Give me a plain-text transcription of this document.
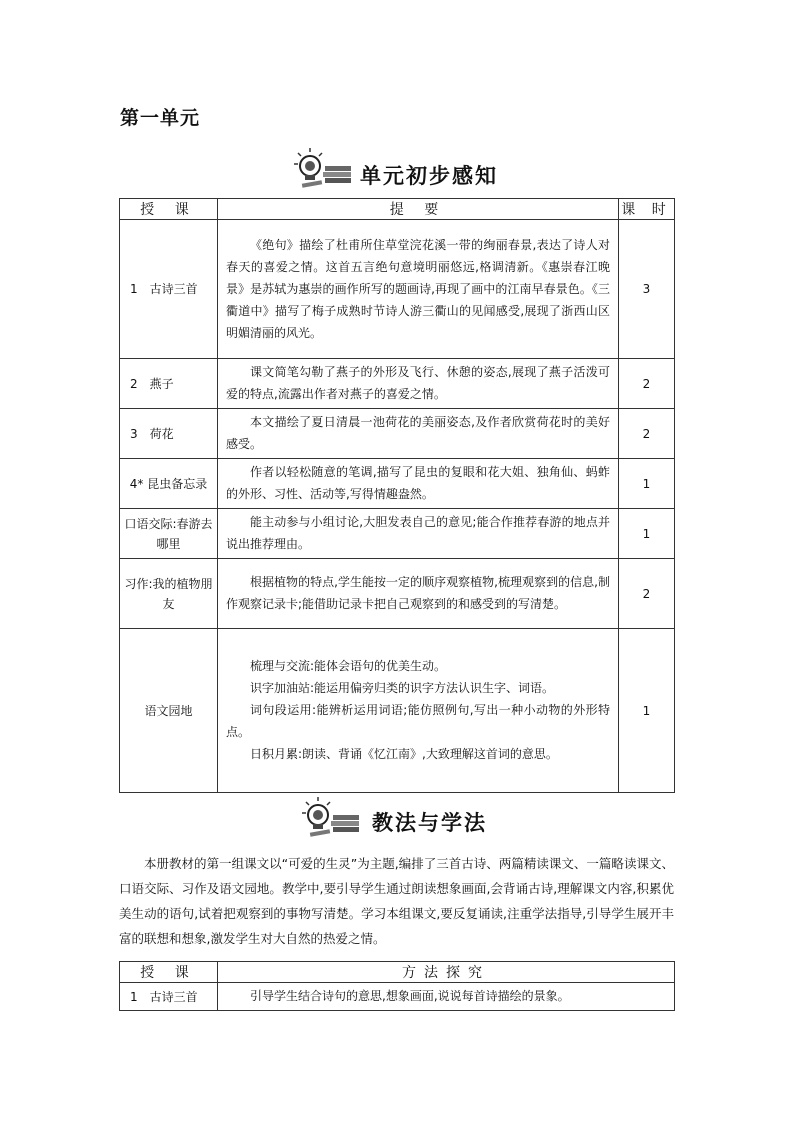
第一单元
单元初步感知
授 课	提 要	课 时
1　古诗三首	《绝句》描绘了杜甫所住草堂浣花溪一带的绚丽春景,表达了诗人对春天的喜爱之情。这首五言绝句意境明丽悠远,格调清新。《惠崇春江晚景》是苏轼为惠崇的画作所写的题画诗,再现了画中的江南早春景色。《三衢道中》描写了梅子成熟时节诗人游三衢山的见闻感受,展现了浙西山区明媚清丽的风光。	3
2　燕子	课文简笔勾勒了燕子的外形及飞行、休憩的姿态,展现了燕子活泼可爱的特点,流露出作者对燕子的喜爱之情。	2
3　荷花	本文描绘了夏日清晨一池荷花的美丽姿态,及作者欣赏荷花时的美好感受。	2
4* 昆虫备忘录	作者以轻松随意的笔调,描写了昆虫的复眼和花大姐、独角仙、蚂蚱的外形、习性、活动等,写得情趣盎然。	1
口语交际:春游去哪里	能主动参与小组讨论,大胆发表自己的意见;能合作推荐春游的地点并说出推荐理由。	1
习作:我的植物朋友	根据植物的特点,学生能按一定的顺序观察植物,梳理观察到的信息,制作观察记录卡;能借助记录卡把自己观察到的和感受到的写清楚。	2
语文园地	梳理与交流:能体会语句的优美生动。

识字加油站:能运用偏旁归类的识字方法认识生字、词语。

词句段运用:能辨析运用词语;能仿照例句,写出一种小动物的外形特点。

日积月累:朗读、背诵《忆江南》,大致理解这首词的意思。	1
教法与学法

本册教材的第一组课文以“可爱的生灵”为主题,编排了三首古诗、两篇精读课文、一篇略读课文、口语交际、习作及语文园地。教学中,要引导学生通过朗读想象画面,会背诵古诗,理解课文内容,积累优美生动的语句,试着把观察到的事物写清楚。学习本组课文,要反复诵读,注重学法指导,引导学生展开丰富的联想和想象,激发学生对大自然的热爱之情。

授 课	方法探究
1　古诗三首	引导学生结合诗句的意思,想象画面,说说每首诗描绘的景象。
